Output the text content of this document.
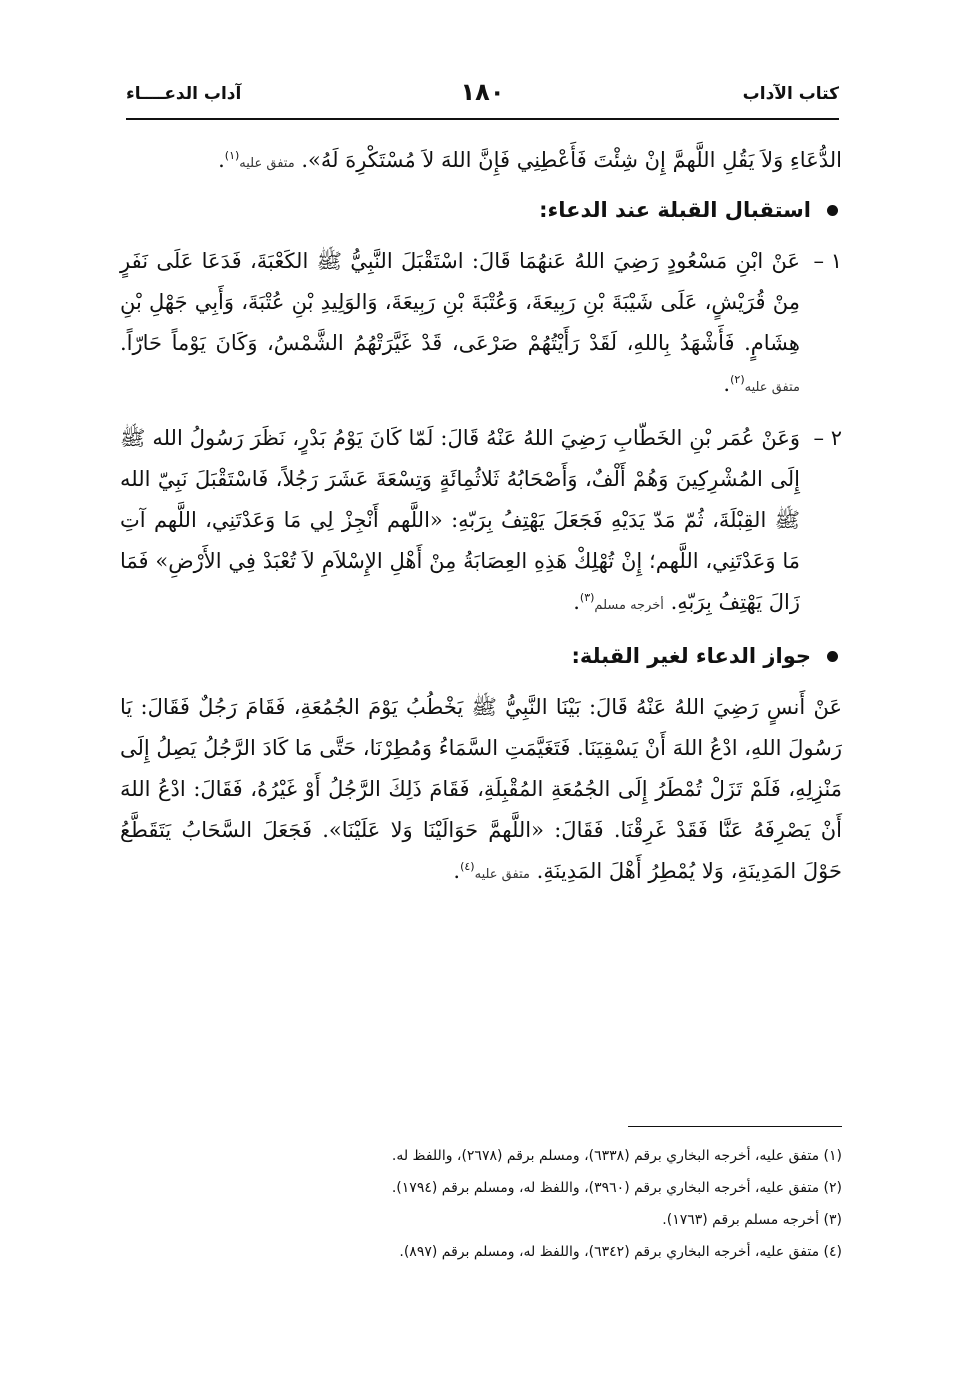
كتاب الآداب
١٨٠
آداب الدعــــاء

الدُّعَاءِ وَلاَ يَقُلِ اللَّهمَّ إِنْ شِئْتَ فَأَعْطِنِي فَإِنَّ اللهَ لاَ مُسْتَكْرِهَ لَهُ». متفق عليه$^{(١)}$.

استقبال القبلة عند الدعاء:
١ –
عَنْ ابْنِ مَسْعُودٍ رَضِيَ اللهُ عَنهُمَا قَالَ: اسْتَقْبَلَ النَّبِيُّ ﷺ الكَعْبَةَ، فَدَعَا عَلَى نَفَرٍ مِنْ قُرَيْشٍ، عَلَى شَيْبَةَ بْنِ رَبِيعَةَ، وَعُتْبَةَ بْنِ رَبِيعَةَ، وَالوَلِيدِ بْنِ عُتْبَةَ، وَأَبِي جَهْلِ بْنِ هِشَامٍ. فَأَشْهَدُ بِاللهِ، لَقَدْ رَأَيْتُهُمْ صَرْعَى، قَدْ غَيَّرَتْهُمُ الشَّمْسُ، وَكَانَ يَوْماً حَارّاً. متفق عليه$^{(٢)}$.
٢ –
وَعَنْ عُمَر بْنِ الخَطّابِ رَضِيَ اللهُ عَنْهُ قَالَ: لَمّا كَانَ يَوْمُ بَدْرٍ، نَظَرَ رَسُولُ الله ﷺ إِلَى المُشْرِكِينَ وَهُمْ أَلْفٌ، وَأَصْحَابُهُ ثَلاثُمِائَةٍ وَتِسْعَةَ عَشَرَ رَجُلاً، فَاسْتَقْبَلَ نَبِيّ الله ﷺ القِبْلَةَ، ثُمّ مَدّ يَدَيْهِ فَجَعَلَ يَهْتِفُ بِرَبّهِ: «اللَّهم أَنْجِزْ لِي مَا وَعَدْتَنِي، اللَّهم آتِ مَا وَعَدْتَنِي، اللَّهم؛ إِنْ تُهْلِكْ هَذِهِ العِصَابَةُ مِنْ أَهْلِ الإِسْلاَمِ لاَ تُعْبَدْ فِي الأَرْضِ» فَمَا زَالَ يَهْتِفُ بِرَبّهِ. أخرجه مسلم$^{(٣)}$.
جواز الدعاء لغير القبلة:

عَنْ أَنسٍ رَضِيَ اللهُ عَنْهُ قَالَ: بَيْنَا النَّبِيُّ ﷺ يَخْطُبُ يَوْمَ الجُمُعَةِ، فَقَامَ رَجُلٌ فَقَالَ: يَا رَسُولَ اللهِ، ادْعُ اللهَ أَنْ يَسْقِيَنَا. فَتَغَيَّمَتِ السَّمَاءُ وَمُطِرْنَا، حَتَّى مَا كَادَ الرَّجُلُ يَصِلُ إِلَى مَنْزِلِهِ، فَلَمْ تَزَلْ تُمْطَرُ إِلَى الجُمُعَةِ المُقْبِلَةِ، فَقَامَ ذَلِكَ الرَّجُلُ أَوْ غَيْرُهُ، فَقَالَ: ادْعُ اللهَ أَنْ يَصْرِفَهُ عَنَّا فَقَدْ غَرِقْنَا. فَقَالَ: «اللَّهمَّ حَوَالَيْنَا وَلا عَلَيْنَا». فَجَعَلَ السَّحَابُ يَتَقَطَّعُ حَوْلَ المَدِينَةِ، وَلا يُمْطِرُ أَهْلَ المَدِينَةِ. متفق عليه$^{(٤)}$.

(١) متفق عليه، أخرجه البخاري برقم (٦٣٣٨)، ومسلم برقم (٢٦٧٨)، واللفظ له.
(٢) متفق عليه، أخرجه البخاري برقم (٣٩٦٠)، واللفظ له، ومسلم برقم (١٧٩٤).
(٣) أخرجه مسلم برقم (١٧٦٣).
(٤) متفق عليه، أخرجه البخاري برقم (٦٣٤٢)، واللفظ له، ومسلم برقم (٨٩٧).
